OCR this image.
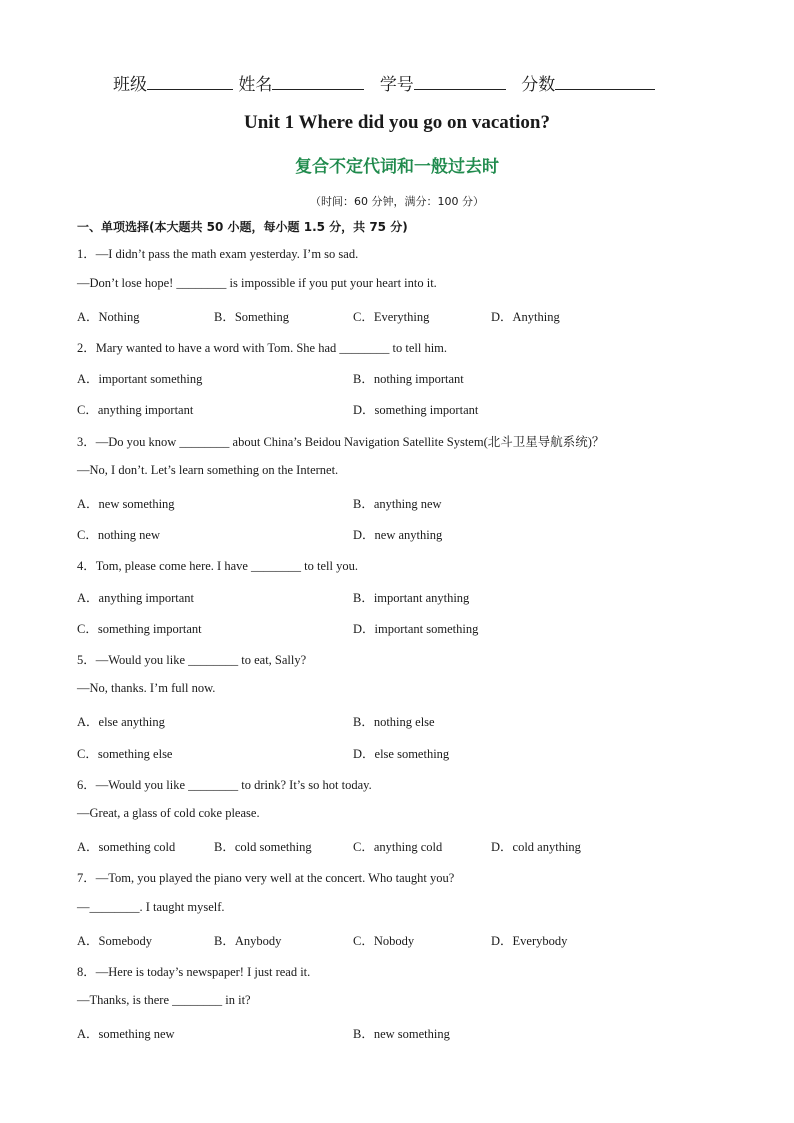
班级	姓名	学号	分数
Unit 1 Where did you go on vacation?
复合不定代词和一般过去时
（时间：60 分钟，满分：100 分）
一、单项选择(本大题共 50 小题，每小题 1.5 分，共 75 分)
1．—I didn’t pass the math exam yesterday. I’m so sad.
—Don’t lose hope! ________ is impossible if you put your heart into it.
A．Nothing	B．Something	C．Everything	D．Anything
2．Mary wanted to have a word with Tom. She had ________ to tell him.
A．important something	B．nothing important
C．anything important	D．something important
3．—Do you know ________ about China’s Beidou Navigation Satellite System(北斗卫星导航系统)？
—No, I don’t. Let’s learn something on the Internet.
A．new something	B．anything new
C．nothing new	D．new anything
4．Tom, please come here. I have ________ to tell you.
A．anything important	B．important anything
C．something important	D．important something
5．—Would you like ________ to eat, Sally?
—No, thanks. I’m full now.
A．else anything	B．nothing else
C．something else	D．else something
6．—Would you like ________ to drink? It’s so hot today.
—Great, a glass of cold coke please.
A．something cold	B．cold something	C．anything cold	D．cold anything
7．—Tom, you played the piano very well at the concert. Who taught you?
—________. I taught myself.
A．Somebody	B．Anybody	C．Nobody	D．Everybody
8．—Here is today’s newspaper! I just read it.
—Thanks, is there ________ in it?
A．something new	B．new something
